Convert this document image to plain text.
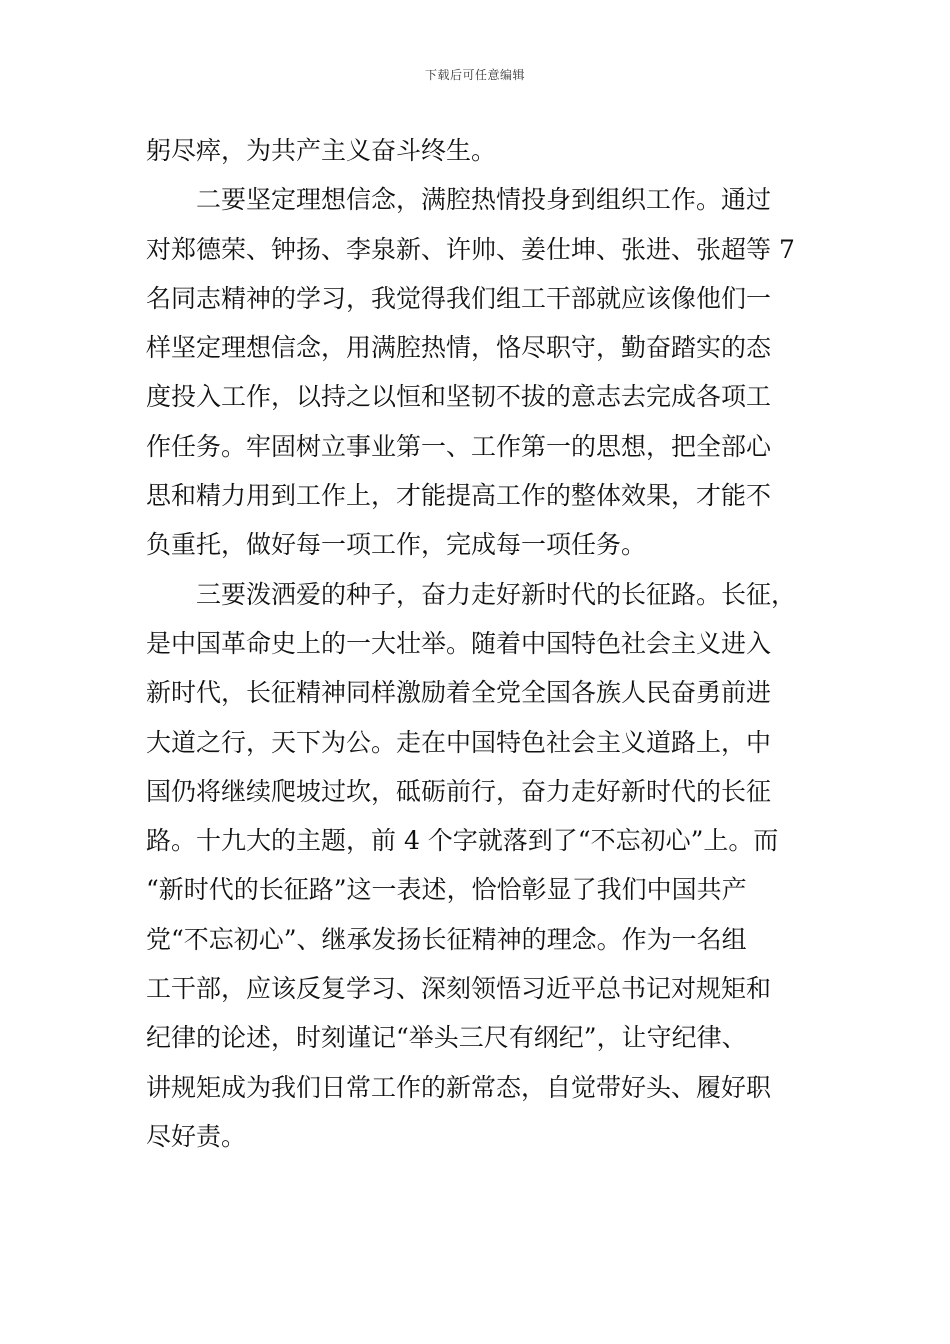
下载后可任意编辑
躬尽瘁，为共产主义奋斗终生。
二要坚定理想信念，满腔热情投身到组织工作。通过
对郑德荣、钟扬、李泉新、许帅、姜仕坤、张进、张超等 7
名同志精神的学习，我觉得我们组工干部就应该像他们一
样坚定理想信念，用满腔热情，恪尽职守，勤奋踏实的态
度投入工作，以持之以恒和坚韧不拔的意志去完成各项工
作任务。牢固树立事业第一、工作第一的思想，把全部心
思和精力用到工作上，才能提高工作的整体效果，才能不
负重托，做好每一项工作，完成每一项任务。
三要泼洒爱的种子，奋力走好新时代的长征路。长征，
是中国革命史上的一大壮举。随着中国特色社会主义进入
新时代，长征精神同样激励着全党全国各族人民奋勇前进
大道之行，天下为公。走在中国特色社会主义道路上，中
国仍将继续爬坡过坎，砥砺前行，奋力走好新时代的长征
路。十九大的主题，前 4 个字就落到了“不忘初心”上。而
“新时代的长征路”这一表述，恰恰彰显了我们中国共产
党“不忘初心”、继承发扬长征精神的理念。作为一名组
工干部，应该反复学习、深刻领悟习近平总书记对规矩和
纪律的论述，时刻谨记“举头三尺有纲纪”，让守纪律、
讲规矩成为我们日常工作的新常态，自觉带好头、履好职
尽好责。
